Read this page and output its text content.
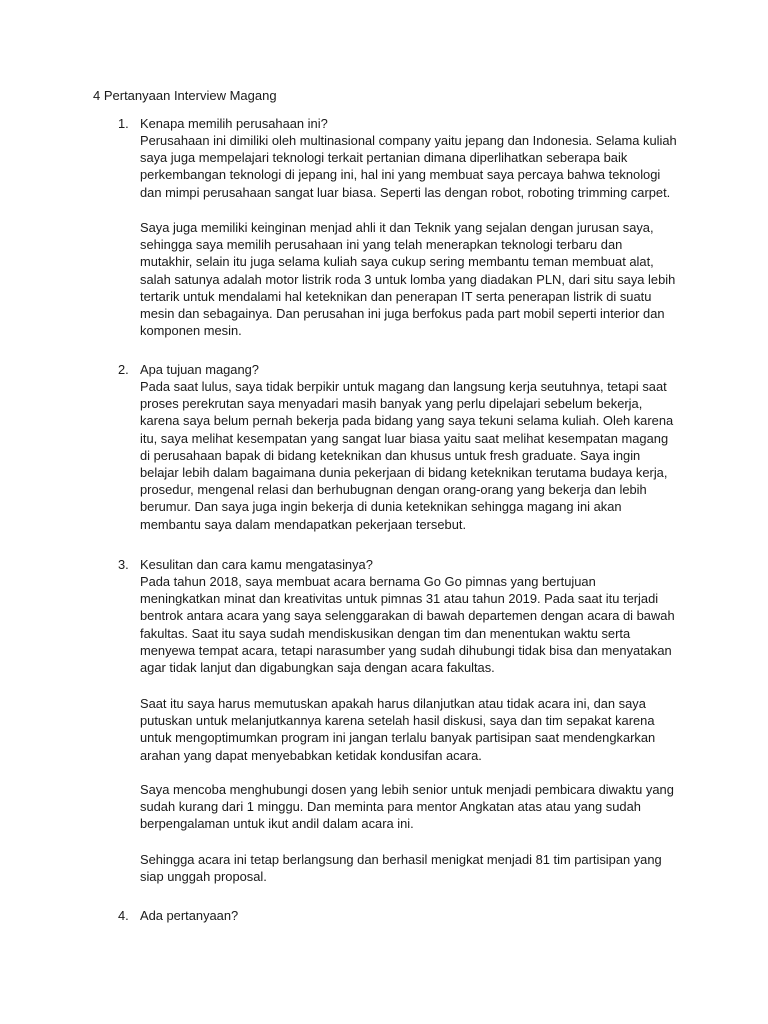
4 Pertanyaan Interview Magang
1. Kenapa memilih perusahaan ini?

Perusahaan ini dimiliki oleh multinasional company yaitu jepang dan Indonesia. Selama kuliah saya juga mempelajari teknologi terkait pertanian dimana diperlihatkan seberapa baik perkembangan teknologi di jepang ini, hal ini yang membuat saya percaya bahwa teknologi dan mimpi perusahaan sangat luar biasa. Seperti las dengan robot, roboting trimming carpet.

Saya juga memiliki keinginan menjad ahli it dan Teknik yang sejalan dengan jurusan saya, sehingga saya memilih perusahaan ini yang telah menerapkan teknologi terbaru dan mutakhir, selain itu juga selama kuliah saya cukup sering membantu teman membuat alat, salah satunya adalah motor listrik roda 3 untuk lomba yang diadakan PLN, dari situ saya lebih tertarik untuk mendalami hal keteknikan dan penerapan IT serta penerapan listrik di suatu mesin dan sebagainya. Dan perusahan ini juga berfokus pada part mobil seperti interior dan komponen mesin.

2. Apa tujuan magang?

Pada saat lulus, saya tidak berpikir untuk magang dan langsung kerja seutuhnya, tetapi saat proses perekrutan saya menyadari masih banyak yang perlu dipelajari sebelum bekerja, karena saya belum pernah bekerja pada bidang yang saya tekuni selama kuliah. Oleh karena itu, saya melihat kesempatan yang sangat luar biasa yaitu saat melihat kesempatan magang di perusahaan bapak di bidang keteknikan dan khusus untuk fresh graduate. Saya ingin belajar lebih dalam bagaimana dunia pekerjaan di bidang keteknikan terutama budaya kerja, prosedur, mengenal relasi dan berhubugnan dengan orang-orang yang bekerja dan lebih berumur. Dan saya juga ingin bekerja di dunia keteknikan sehingga magang ini akan membantu saya dalam mendapatkan pekerjaan tersebut.

3. Kesulitan dan cara kamu mengatasinya?

Pada tahun 2018, saya membuat acara bernama Go Go pimnas yang bertujuan meningkatkan minat dan kreativitas untuk pimnas 31 atau tahun 2019. Pada saat itu terjadi bentrok antara acara yang saya selenggarakan di bawah departemen dengan acara di bawah fakultas. Saat itu saya sudah mendiskusikan dengan tim dan menentukan waktu serta menyewa tempat acara, tetapi narasumber yang sudah dihubungi tidak bisa dan menyatakan agar tidak lanjut dan digabungkan saja dengan acara fakultas.

Saat itu saya harus memutuskan apakah harus dilanjutkan atau tidak acara ini, dan saya putuskan untuk melanjutkannya karena setelah hasil diskusi, saya dan tim sepakat karena untuk mengoptimumkan program ini jangan terlalu banyak partisipan saat mendengkarkan arahan yang dapat menyebabkan ketidak kondusifan acara.

Saya mencoba menghubungi dosen yang lebih senior untuk menjadi pembicara diwaktu yang sudah kurang dari 1 minggu. Dan meminta para mentor Angkatan atas atau yang sudah berpengalaman untuk ikut andil dalam acara ini.

Sehingga acara ini tetap berlangsung dan berhasil menigkat menjadi 81 tim partisipan yang siap unggah proposal.

4. Ada pertanyaan?
